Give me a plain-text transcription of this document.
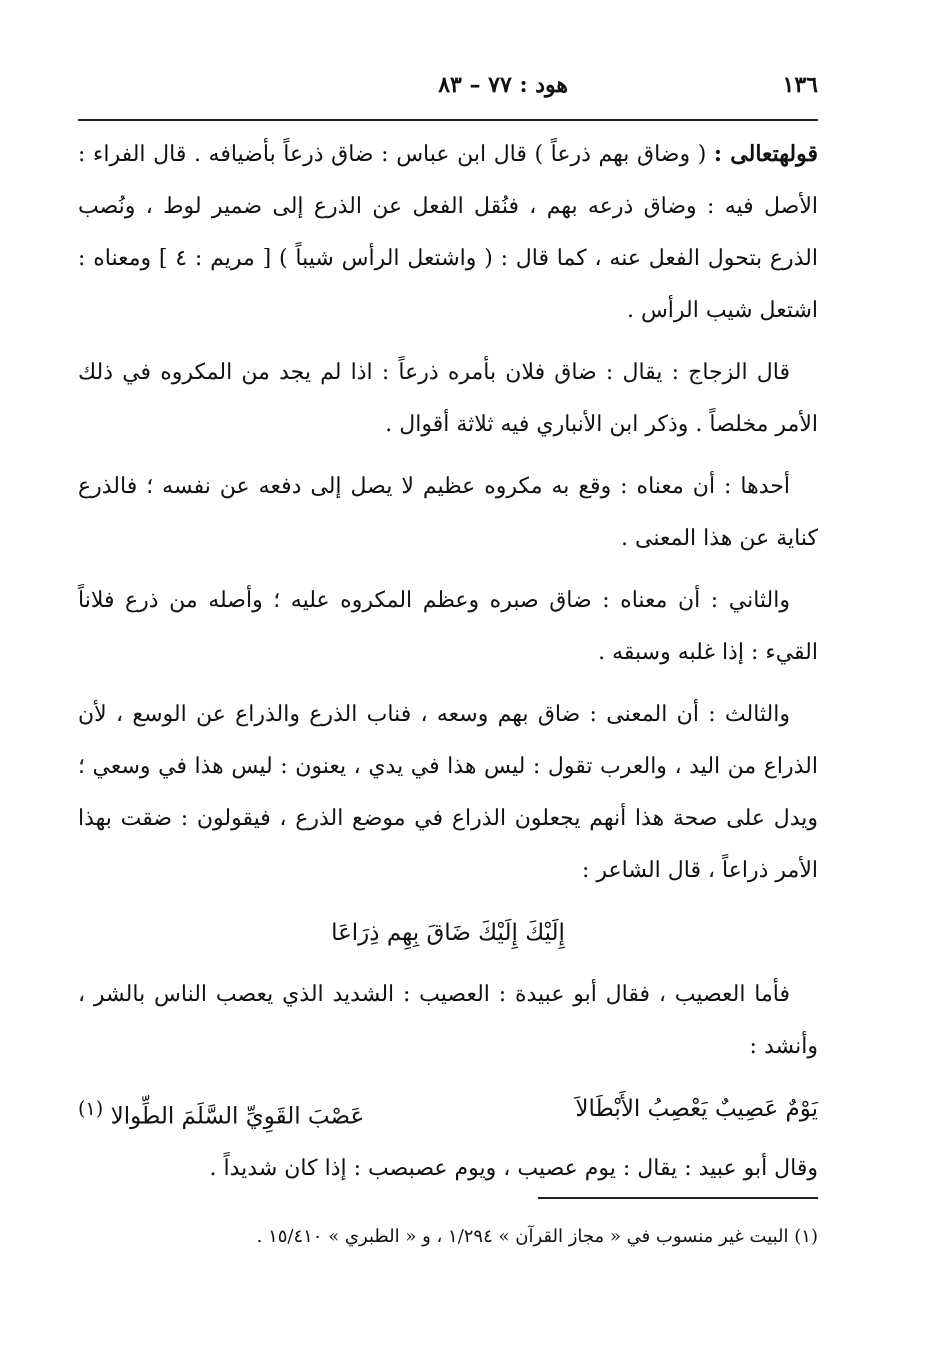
١٣٦
هود : ٧٧ – ٨٣

قولهتعالى : ( وضاق بهم ذرعاً ) قال ابن عباس : ضاق ذرعاً بأضيافه . قال الفراء : الأصل فيه : وضاق ذرعه بهم ، فنُقل الفعل عن الذرع إلى ضمير لوط ، ونُصب الذرع بتحول الفعل عنه ، كما قال : ( واشتعل الرأس شيباً ) [ مريم : ٤ ] ومعناه : اشتعل شيب الرأس .

قال الزجاج : يقال : ضاق فلان بأمره ذرعاً : اذا لم يجد من المكروه في ذلك الأمر مخلصاً . وذكر ابن الأنباري فيه ثلاثة أقوال .

أحدها : أن معناه : وقع به مكروه عظيم لا يصل إلى دفعه عن نفسه ؛ فالذرع كناية عن هذا المعنى .

والثاني : أن معناه : ضاق صبره وعظم المكروه عليه ؛ وأصله من ذرع فلاناً القيء : إذا غلبه وسبقه .

والثالث : أن المعنى : ضاق بهم وسعه ، فناب الذرع والذراع عن الوسع ، لأن الذراع من اليد ، والعرب تقول : ليس هذا في يدي ، يعنون : ليس هذا في وسعي ؛ ويدل على صحة هذا أنهم يجعلون الذراع في موضع الذرع ، فيقولون : ضقت بهذا الأمر ذراعاً ، قال الشاعر :

إِلَيْكَ إِلَيْكَ ضَاقَ بِهِم ذِرَاعَا

فأما العصيب ، فقال أبو عبيدة : العصيب : الشديد الذي يعصب الناس بالشر ، وأنشد :

يَوْمٌ عَصِيبٌ يَعْصِبُ الأَبْطَالاَ
عَصْبَ القَوِيِّ السَّلَمَ الطِّوالا $^{(١)}$

وقال أبو عبيد : يقال : يوم عصيب ، ويوم عصبصب : إذا كان شديداً .

(١) البيت غير منسوب في « مجاز القرآن » ١/٢٩٤ ، و « الطبري » ١٥/٤١٠ .
